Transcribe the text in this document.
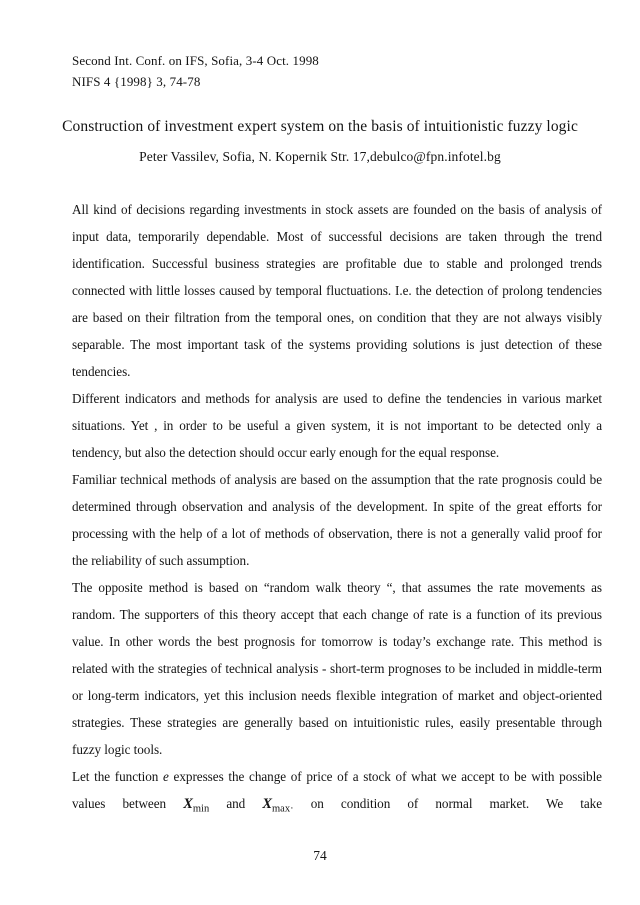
Second Int. Conf. on IFS, Sofia, 3-4 Oct. 1998
NIFS 4 {1998} 3, 74-78
Construction of investment expert system on the basis of intuitionistic fuzzy logic
Peter Vassilev, Sofia, N. Kopernik Str. 17,debulco@fpn.infotel.bg

All kind of decisions regarding investments in stock assets are founded on the basis of analysis of input data, temporarily dependable. Most of successful decisions are taken through the trend identification. Successful business strategies are profitable due to stable and prolonged trends connected with little losses caused by temporal fluctuations. I.e. the detection of prolong tendencies are based on their filtration from the temporal ones, on condition that they are not always visibly separable. The most important task of the systems providing solutions is just detection of these tendencies.

Different indicators and methods for analysis are used to define the tendencies in various market situations. Yet , in order to be useful a given system, it is not important to be detected only a tendency, but also the detection should occur early enough for the equal response.

Familiar technical methods of analysis are based on the assumption that the rate prognosis could be determined through observation and analysis of the development. In spite of the great efforts for processing with the help of a lot of methods of observation, there is not a generally valid proof for the reliability of such assumption.

The opposite method is based on “random walk theory “, that assumes the rate movements as random. The supporters of this theory accept that each change of rate is a function of its previous value. In other words the best prognosis for tomorrow is today’s exchange rate. This method is related with the strategies of technical analysis - short-term prognoses to be included in middle-term or long-term indicators, yet this inclusion needs flexible integration of market and object-oriented strategies. These strategies are generally based on intuitionistic rules, easily presentable through fuzzy logic tools.

Let the function e expresses the change of price of a stock of what we accept to be with possible values between $X_{min}$ and $X_{max\cdot}$ on condition of normal market. We take

74
